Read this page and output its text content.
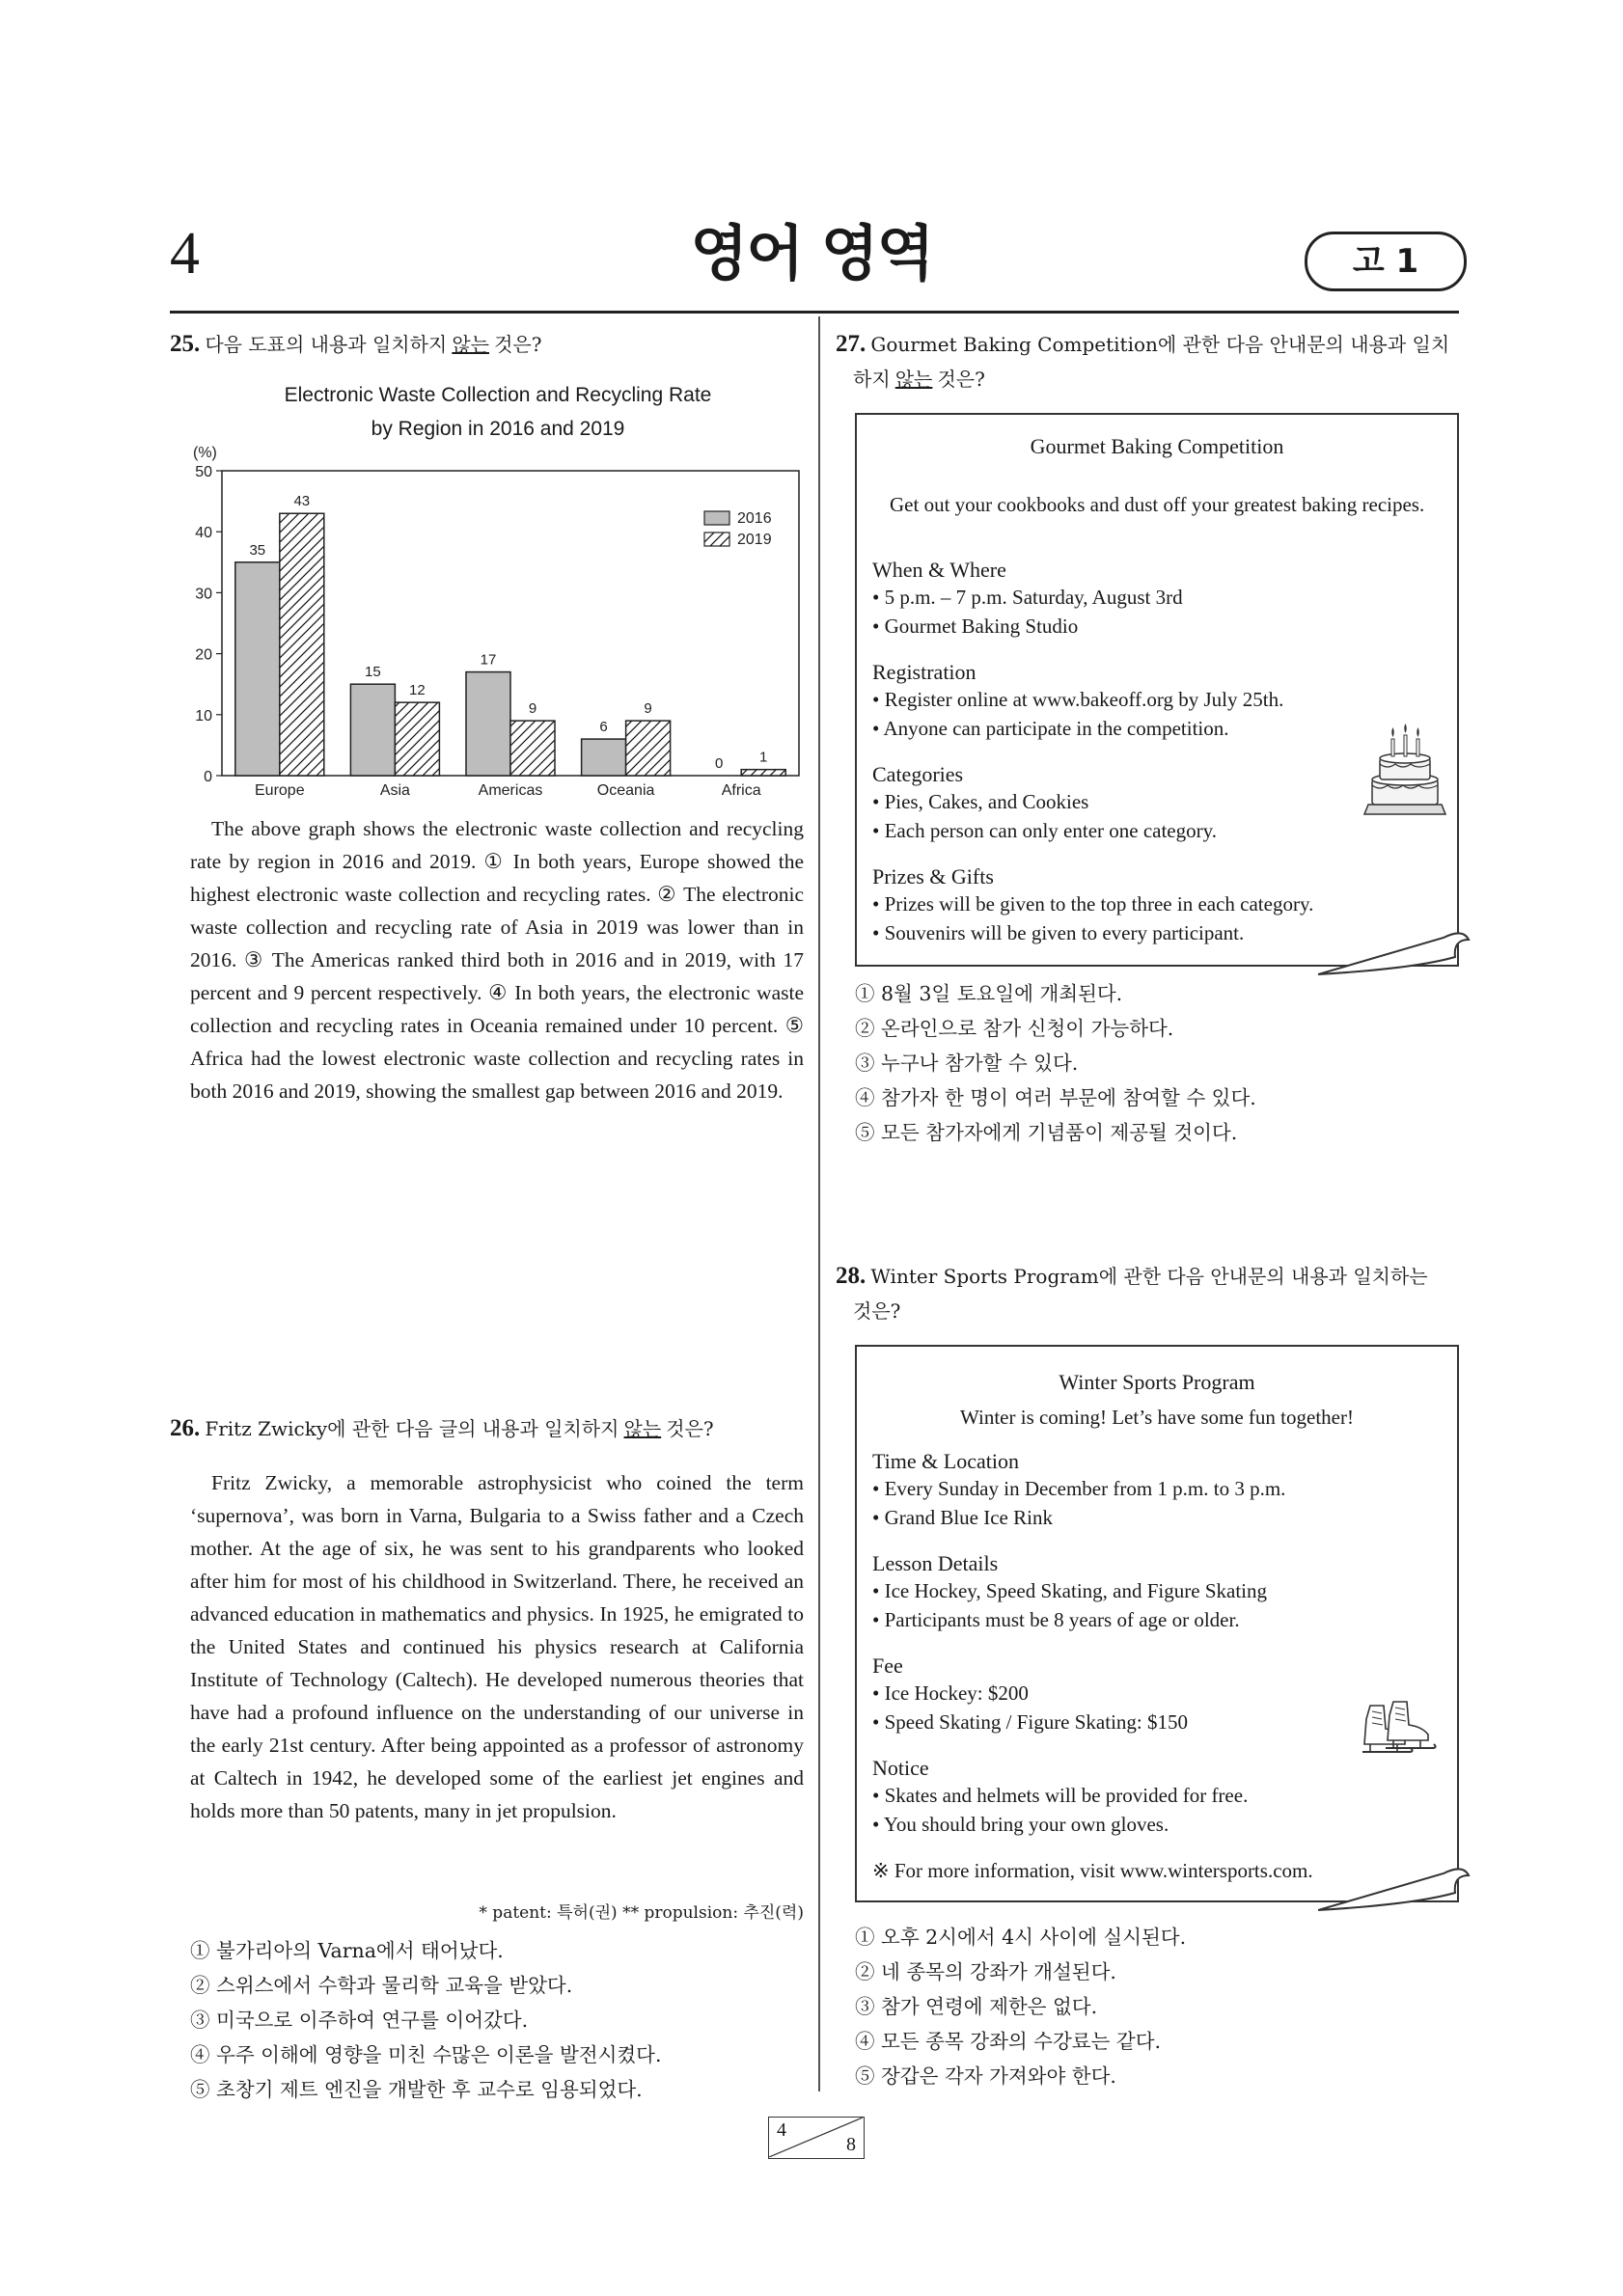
4	영어 영역	고 1
25. 다음 도표의 내용과 일치하지 않는 것은?
Electronic Waste Collection and Recycling Rate
by Region in 2016 and 2019
(%)
0
10
20
30
40
50
Europe
35
43
Asia
15
12
Americas
17
9
Oceania
6
9
Africa
0	1
2016
2019
The above graph shows the electronic waste collection and recycling rate by region in 2016 and 2019. ① In both years, Europe showed the highest electronic waste collection and recycling rates. ② The electronic waste collection and recycling rate of Asia in 2019 was lower than in 2016. ③ The Americas ranked third both in 2016 and in 2019, with 17 percent and 9 percent respectively. ④ In both years, the electronic waste collection and recycling rates in Oceania remained under 10 percent. ⑤ Africa had the lowest electronic waste collection and recycling rates in both 2016 and 2019, showing the smallest gap between 2016 and 2019.
26. Fritz Zwicky에 관한 다음 글의 내용과 일치하지 않는 것은?
Fritz Zwicky, a memorable astrophysicist who coined the term ‘supernova’, was born in Varna, Bulgaria to a Swiss father and a Czech mother. At the age of six, he was sent to his grandparents who looked after him for most of his childhood in Switzerland. There, he received an advanced education in mathematics and physics. In 1925, he emigrated to the United States and continued his physics research at California Institute of Technology (Caltech). He developed numerous theories that have had a profound influence on the understanding of our universe in the early 21st century. After being appointed as a professor of astronomy at Caltech in 1942, he developed some of the earliest jet engines and holds more than 50 patents, many in jet propulsion.
* patent: 특허(권) ** propulsion: 추진(력)
① 불가리아의 Varna에서 태어났다.
② 스위스에서 수학과 물리학 교육을 받았다.
③ 미국으로 이주하여 연구를 이어갔다.
④ 우주 이해에 영향을 미친 수많은 이론을 발전시켰다.
⑤ 초창기 제트 엔진을 개발한 후 교수로 임용되었다.
27. Gourmet Baking Competition에 관한 다음 안내문의 내용과 일치
하지 않는 것은?
Gourmet Baking Competition
Get out your cookbooks and dust off your greatest baking recipes.
When & Where
• 5 p.m. – 7 p.m. Saturday, August 3rd
• Gourmet Baking Studio
Registration
• Register online at www.bakeoff.org by July 25th.
• Anyone can participate in the competition.
Categories
• Pies, Cakes, and Cookies
• Each person can only enter one category.
Prizes & Gifts
• Prizes will be given to the top three in each category.
• Souvenirs will be given to every participant.
① 8월 3일 토요일에 개최된다.
② 온라인으로 참가 신청이 가능하다.
③ 누구나 참가할 수 있다.
④ 참가자 한 명이 여러 부문에 참여할 수 있다.
⑤ 모든 참가자에게 기념품이 제공될 것이다.
28. Winter Sports Program에 관한 다음 안내문의 내용과 일치하는
것은?
Winter Sports Program
Winter is coming! Let’s have some fun together!
Time & Location
• Every Sunday in December from 1 p.m. to 3 p.m.
• Grand Blue Ice Rink
Lesson Details
• Ice Hockey, Speed Skating, and Figure Skating
• Participants must be 8 years of age or older.
Fee
• Ice Hockey: $200
• Speed Skating / Figure Skating: $150
Notice
• Skates and helmets will be provided for free.
• You should bring your own gloves.
※ For more information, visit www.wintersports.com.
① 오후 2시에서 4시 사이에 실시된다.
② 네 종목의 강좌가 개설된다.
③ 참가 연령에 제한은 없다.
④ 모든 종목 강좌의 수강료는 같다.
⑤ 장갑은 각자 가져와야 한다.
4
8
